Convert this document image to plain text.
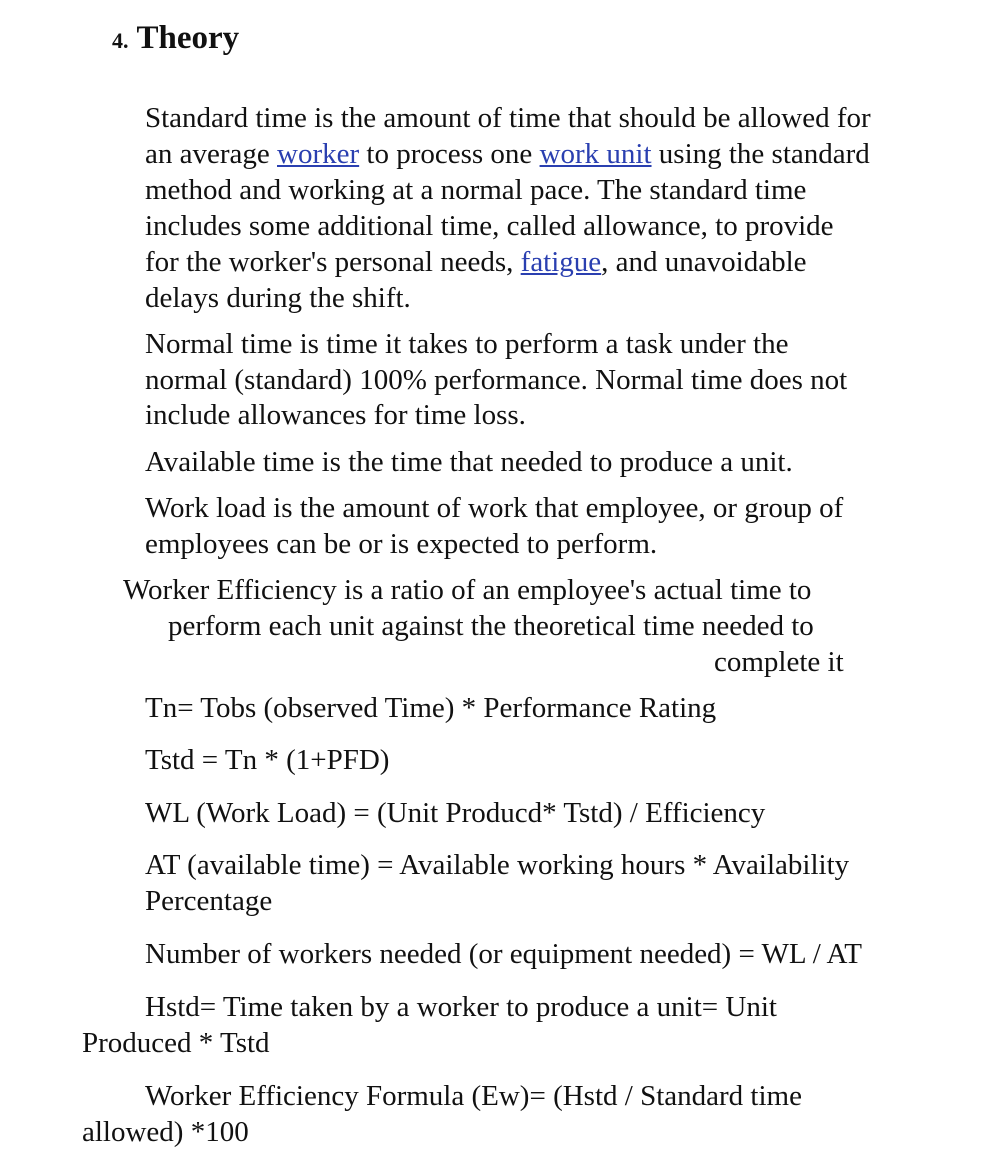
4. Theory

Standard time is the amount of time that should be allowed for

an average worker to process one work unit using the standard

method and working at a normal pace. The standard time

includes some additional time, called allowance, to provide

for the worker's personal needs, fatigue, and unavoidable

delays during the shift.

Normal time is time it takes to perform a task under the

normal (standard) 100% performance. Normal time does not

include allowances for time loss.

Available time is the time that needed to produce a unit.

Work load is the amount of work that employee, or group of

employees can be or is expected to perform.

Worker Efficiency is a ratio of an employee's actual time to

perform each unit against the theoretical time needed to

complete it

Tn= Tobs (observed Time) * Performance Rating

Tstd = Tn * (1+PFD)

WL (Work Load) = (Unit Producd* Tstd) / Efficiency

AT (available time) = Available working hours * Availability

Percentage

Number of workers needed (or equipment needed) = WL / AT

Hstd= Time taken by a worker to produce a unit= Unit

Produced * Tstd

Worker Efficiency Formula (Ew)= (Hstd / Standard time

allowed) *100
